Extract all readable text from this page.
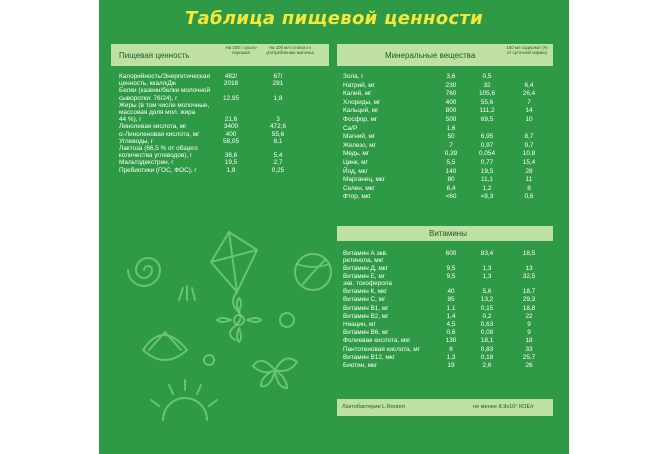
Таблица пищевой ценности
Пищевая ценность
На 100 г сухого порошка
На 100 мл готового к употреблению молочка	Минеральные вещества
100 мл содержит (% от суточной нормы)
Калорийность/Энергетическая	482/	67/
ценность, ккал/кДж	2018	281
Белки (казеин/белки молочной
сыворотки: 76/24), г	12,95	1,8
Жиры (в том числе молочные,
массовая доля мол. жира
44 %), г	21,6	3
Линолевая кислота, мг	3400	472,6
α-Линоленовая кислота, мг	400	55,6
Углеводы, г	58,05	8,1
Лактоза (66,5 % от общего
количества углеводов), г	38,6	5,4
Мальтодекстрин, г	19,5	2,7
Пребиотики (ГОС, ФОС), г	1,8	0,25
Зола, г	3,6	0,5
Натрий, мг	230	32	6,4
Калий, мг	760	105,6	26,4
Хлориды, мг	400	55,6	7
Кальций, мг	800	111,2	14
Фосфор, мг	500	69,5	10
Ca/P	1,6
Магний, мг	50	6,95	8,7
Железо, мг	7	0,97	9,7
Медь, мг	0,39	0,054	10,8
Цинк, мг	5,5	0,77	15,4
Йод, мкг	140	19,5	28
Марганец, мкг	80	11,1	11
Селен, мкг	8,4	1,2	8
Фтор, мкг	<60	<8,3	0,6
Витамины
Витамин А экв.
ретинола, мкг
600	83,4	18,5
Витамин Д, мкг	9,5	1,3	13
Витамин Е, мг
экв. токоферола
9,5	1,3	32,5
Витамин К, мкг	40	5,6	18,7
Витамин С, мг	95	13,2	29,3
Витамин В1, мг	1,1	0,15	18,8
Витамин В2, мг	1,4	0,2	22
Ниацин, мг	4,5	0,63	9
Витамин В6, мг	0,6	0,08	9
Фолиевая кислота, мкг	130	18,1	18
Пантотеновая кислота, мг	6	0,83	33
Витамин В12, мкг	1,3	0,18	25,7
Биотин, мкг	19	2,6	26
Лактобактерии L.Reuteri	не менее 8,9х10⁷ КОЕ/г
